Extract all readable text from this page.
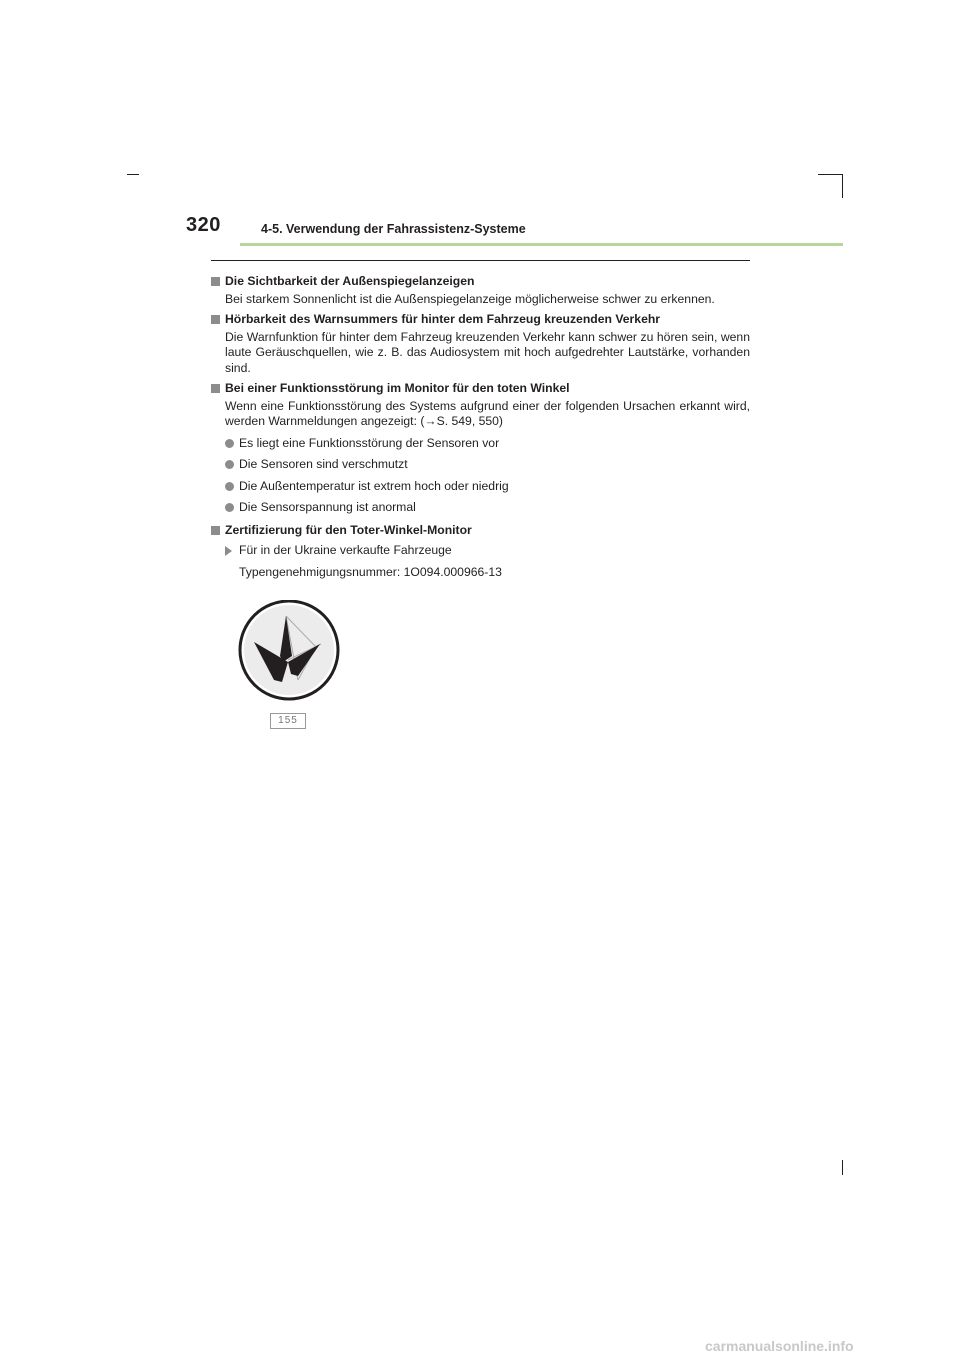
320	4-5. Verwendung der Fahrassistenz-Systeme
Die Sichtbarkeit der Außenspiegelanzeigen
Bei starkem Sonnenlicht ist die Außenspiegelanzeige möglicherweise schwer zu erkennen.
Hörbarkeit des Warnsummers für hinter dem Fahrzeug kreuzenden Verkehr
Die Warnfunktion für hinter dem Fahrzeug kreuzenden Verkehr kann schwer zu hören sein, wenn laute Geräuschquellen, wie z. B. das Audiosystem mit hoch aufgedrehter Lautstärke, vorhanden sind.
Bei einer Funktionsstörung im Monitor für den toten Winkel
Wenn eine Funktionsstörung des Systems aufgrund einer der folgenden Ursachen erkannt wird, werden Warnmeldungen angezeigt: (→S. 549, 550)
Es liegt eine Funktionsstörung der Sensoren vor
Die Sensoren sind verschmutzt
Die Außentemperatur ist extrem hoch oder niedrig
Die Sensorspannung ist anormal
Zertifizierung für den Toter-Winkel-Monitor
Für in der Ukraine verkaufte Fahrzeuge
Typengenehmigungsnummer: 1O094.000966-13
155
carmanualsonline.info
